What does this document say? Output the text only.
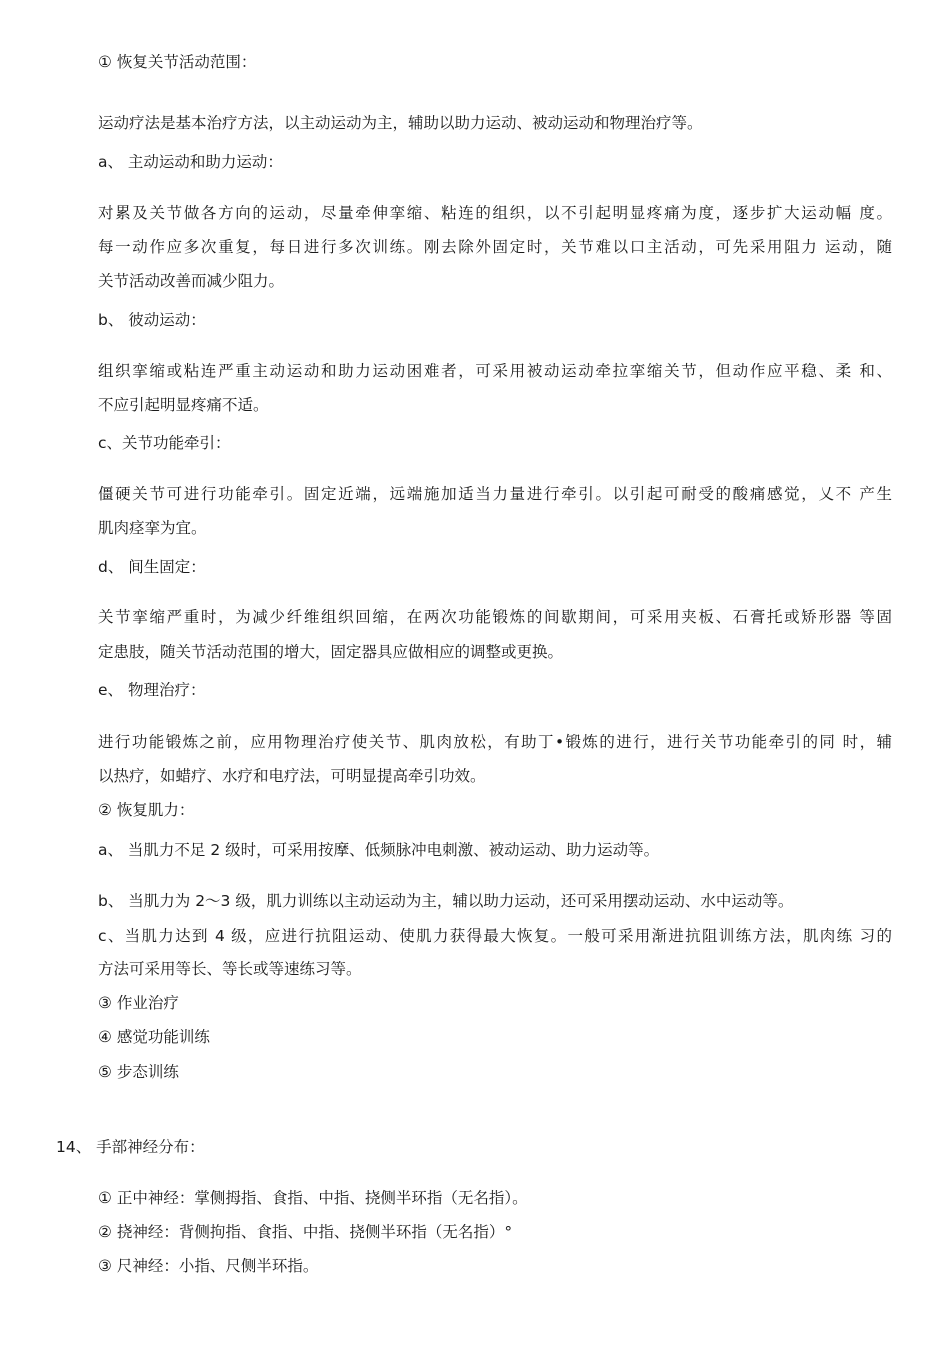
① 恢复关节活动范围：
运动疗法是基本治疗方法，以主动运动为主，辅助以助力运动、被动运动和物理治疗等。
a、 主动运动和助力运动：
对累及关节做各方向的运动，尽量牵伸挛缩、粘连的组织，以不引起明显疼痛为度，逐步扩大运动幅 度。
每一动作应多次重复，每日进行多次训练。刚去除外固定时，关节难以口主活动，可先采用阻力 运动，随
关节活动改善而减少阻力。
b、 彼动运动：
组织挛缩或粘连严重主动运动和助力运动困难者，可采用被动运动牵拉挛缩关节，但动作应平稳、柔 和、
不应引起明显疼痛不适。
c、关节功能牵引：
僵硬关节可进行功能牵引。固定近端，远端施加适当力量进行牵引。以引起可耐受的酸痛感觉，乂不 产生
肌肉痉挛为宜。
d、 间生固定：
关节挛缩严重时，为减少纤维组织回缩，在两次功能锻炼的间歇期间，可采用夹板、石膏托或矫形器 等固
定患肢，随关节活动范围的增大，固定器具应做相应的调整或更换。
e、 物理治疗：
进行功能锻炼之前，应用物理治疗使关节、肌肉放松，有助丁•锻炼的进行，进行关节功能牵引的同 时，辅
以热疗，如蜡疗、水疗和电疗法，可明显提高牵引功效。
② 恢复肌力：
a、 当肌力不足 2 级时，可采用按摩、低频脉冲电刺激、被动运动、助力运动等。
b、 当肌力为 2〜3 级，肌力训练以主动运动为主，辅以助力运动，还可采用摆动运动、水中运动等。
c、当肌力达到 4 级，应进行抗阻运动、使肌力获得最大恢复。一般可采用渐进抗阻训练方法，肌肉练 习的
方法可采用等长、等长或等速练习等。
③ 作业治疗
④ 感觉功能训练
⑤ 步态训练
14、 手部神经分布：
① 正中神经：掌侧拇指、食指、中指、挠侧半环指（无名指）。
② 挠神经：背侧拘指、食指、中指、挠侧半环指（无名指）°
③ 尺神经：小指、尺侧半环指。
